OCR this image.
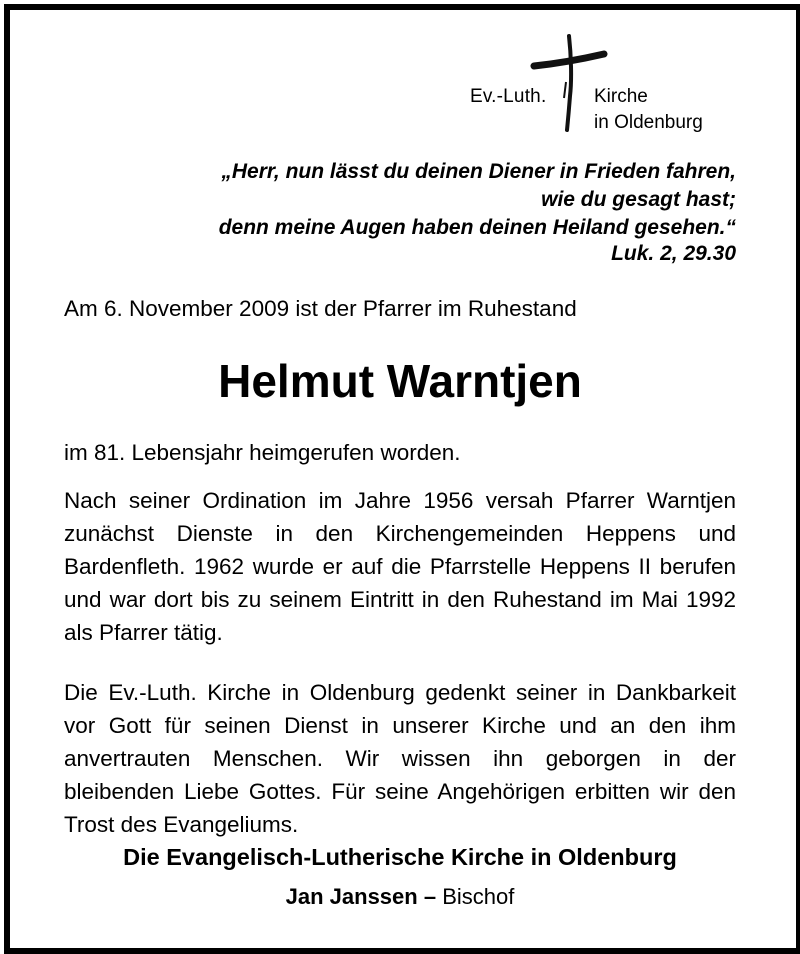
Ev.-Luth.	Kirche
in Oldenburg
„Herr, nun lässt du deinen Diener in Frieden fahren,
wie du gesagt hast;
denn meine Augen haben deinen Heiland gesehen.“
Luk. 2, 29.30
Am 6. November 2009 ist der Pfarrer im Ruhestand
Helmut Warntjen
im 81. Lebensjahr heimgerufen worden.
Nach seiner Ordination im Jahre 1956 versah Pfarrer Warntjen zunächst Dienste in den Kirchengemeinden Heppens und Bardenfleth. 1962 wurde er auf die Pfarrstelle Heppens II berufen und war dort bis zu seinem Eintritt in den Ruhestand im Mai 1992 als Pfarrer tätig.
Die Ev.-Luth. Kirche in Oldenburg gedenkt seiner in Dankbarkeit vor Gott für seinen Dienst in unserer Kirche und an den ihm anvertrauten Menschen. Wir wissen ihn geborgen in der bleibenden Liebe Gottes. Für seine Angehörigen erbitten wir den Trost des Evangeliums.
Die Evangelisch-Lutherische Kirche in Oldenburg
Jan Janssen – Bischof
